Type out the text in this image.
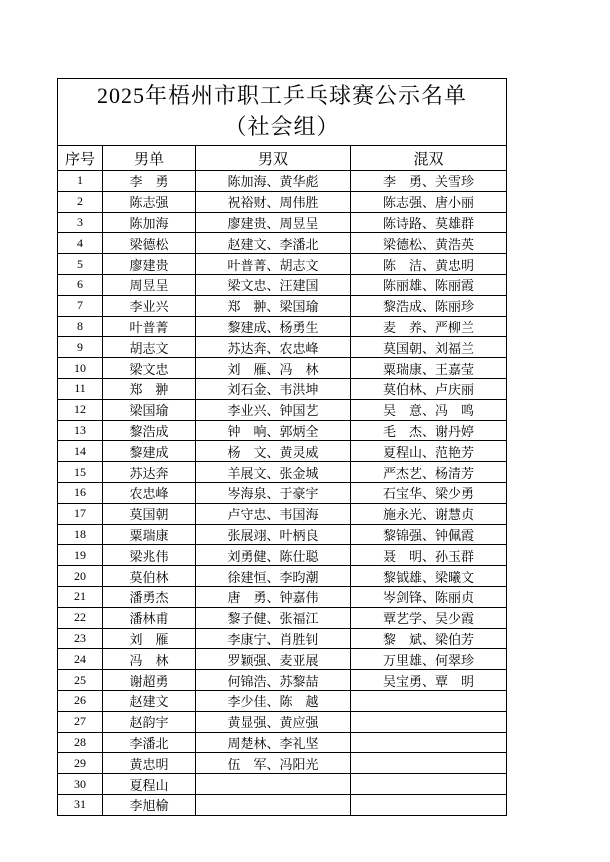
2025年梧州市职工乒乓球赛公示名单
（社会组）			

序号	男单	男双	混双
1	李　勇	陈加海、黄华彪	李　勇、关雪珍
2	陈志强	祝裕财、周伟胜	陈志强、唐小丽
3	陈加海	廖建贵、周昱呈	陈诗路、莫雄群
4	梁德松	赵建文、李潘北	梁德松、黄浩英
5	廖建贵	叶普菁、胡志文	陈　洁、黄忠明
6	周昱呈	梁文忠、汪建国	陈丽雄、陈丽霞
7	李业兴	郑　翀、梁国瑜	黎浩成、陈丽珍
8	叶普菁	黎建成、杨勇生	麦　养、严柳兰
9	胡志文	苏达奔、农忠峰	莫国朝、刘福兰
10	梁文忠	刘　雁、冯　林	粟瑞康、王嘉莹
11	郑　翀	刘石金、韦洪坤	莫伯林、卢庆丽
12	梁国瑜	李业兴、钟国艺	吴　意、冯　鸣
13	黎浩成	钟　响、郭炳全	毛　杰、谢丹婷
14	黎建成	杨　文、黄灵威	夏程山、范艳芳
15	苏达奔	羊展文、张金城	严杰艺、杨清芳
16	农忠峰	岑海泉、于豪宇	石宝华、梁少勇
17	莫国朝	卢守忠、韦国海	施永光、谢慧贞
18	粟瑞康	张展翊、叶柄良	黎锦强、钟佩霞
19	梁兆伟	刘勇健、陈仕聪	聂　明、孙玉群
20	莫伯林	徐建恒、李昀潮	黎钺雄、梁曦文
21	潘勇杰	唐　勇、钟嘉伟	岑剑锋、陈丽贞
22	潘林甫	黎子健、张福江	覃艺学、吴少霞
23	刘　雁	李康宁、肖胜钊	黎　斌、梁伯芳
24	冯　林	罗颖强、麦亚展	万里雄、何翠珍
25	谢超勇	何锦浩、苏黎喆	吴宝勇、覃　明
26	赵建文	李少佳、陈　越	
27	赵韵宇	黄显强、黄应强	
28	李潘北	周楚林、李礼坚	
29	黄忠明	伍　军、冯阳光	
30	夏程山		
31	李旭榆		
